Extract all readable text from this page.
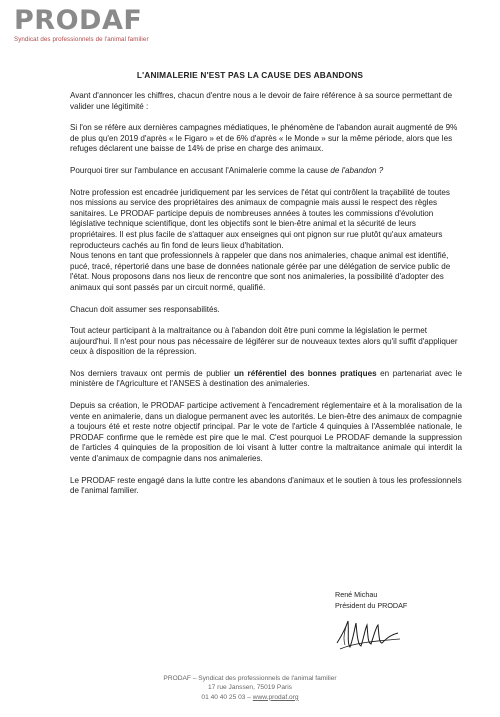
PRODAF
Syndicat des professionnels de l'animal familier
L'ANIMALERIE N'EST PAS LA CAUSE DES ABANDONS

Avant d'annoncer les chiffres, chacun d'entre nous a le devoir de faire référence à sa source permettant de valider une légitimité :

Si l'on se réfère aux dernières campagnes médiatiques, le phénomène de l'abandon aurait augmenté de 9% de plus qu'en 2019 d'après « le Figaro » et de 6% d'après « le Monde » sur la même période, alors que les refuges déclarent une baisse de 14% de prise en charge des animaux.

Pourquoi tirer sur l'ambulance en accusant l'Animalerie comme la cause de l'abandon ?

Notre profession est encadrée juridiquement par les services de l'état qui contrôlent la traçabilité de toutes nos missions au service des propriétaires des animaux de compagnie mais aussi le respect des règles sanitaires. Le PRODAF participe depuis de nombreuses années à toutes les commissions d'évolution législative technique scientifique, dont les objectifs sont le bien-être animal et la sécurité de leurs propriétaires. Il est plus facile de s'attaquer aux enseignes qui ont pignon sur rue plutôt qu'aux amateurs reproducteurs cachés au fin fond de leurs lieux d'habitation.

Nous tenons en tant que professionnels à rappeler que dans nos animaleries, chaque animal est identifié, pucé, tracé, répertorié dans une base de données nationale gérée par une délégation de service public de l'état. Nous proposons dans nos lieux de rencontre que sont nos animaleries, la possibilité d'adopter des animaux qui sont passés par un circuit normé, qualifié.

Chacun doit assumer ses responsabilités.

Tout acteur participant à la maltraitance ou à l'abandon doit être puni comme la législation le permet aujourd'hui. Il n'est pour nous pas nécessaire de légiférer sur de nouveaux textes alors qu'il suffit d'appliquer ceux à disposition de la répression.

Nos derniers travaux ont permis de publier un référentiel des bonnes pratiques en partenariat avec le ministère de l'Agriculture et l'ANSES à destination des animaleries.

Depuis sa création, le PRODAF participe activement à l'encadrement réglementaire et à la moralisation de la vente en animalerie, dans un dialogue permanent avec les autorités. Le bien-être des animaux de compagnie a toujours été et reste notre objectif principal. Par le vote de l'article 4 quinquies à l'Assemblée nationale, le PRODAF confirme que le remède est pire que le mal. C'est pourquoi Le PRODAF demande la suppression de l'articles 4 quinquies de la proposition de loi visant à lutter contre la maltraitance animale qui interdit la vente d'animaux de compagnie dans nos animaleries.

Le PRODAF reste engagé dans la lutte contre les abandons d'animaux et le soutien à tous les professionnels de l'animal familier.

René Michau
Président du PRODAF
PRODAF – Syndicat des professionnels de l'animal familier
17 rue Janssen, 75019 Paris
01 40 40 25 03 – www.prodaf.org
